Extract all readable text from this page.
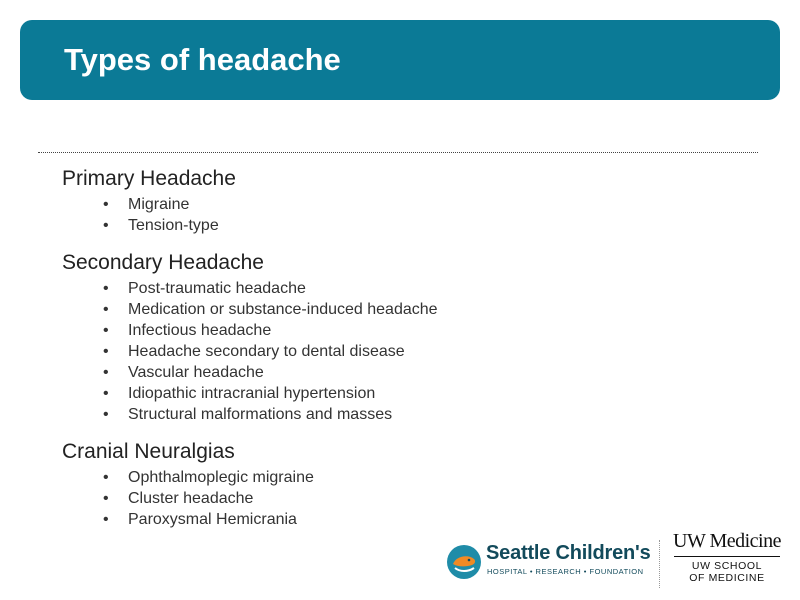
Types of headache
Primary Headache
• Migraine
• Tension-type
Secondary Headache
• Post-traumatic headache
• Medication or substance-induced headache
• Infectious headache
• Headache secondary to dental disease
• Vascular headache
• Idiopathic intracranial hypertension
• Structural malformations and masses
Cranial Neuralgias
• Ophthalmoplegic migraine
• Cluster headache
• Paroxysmal Hemicrania
Seattle Children's
HOSPITAL • RESEARCH • FOUNDATION
UW Medicine
UW SCHOOL
OF MEDICINE
